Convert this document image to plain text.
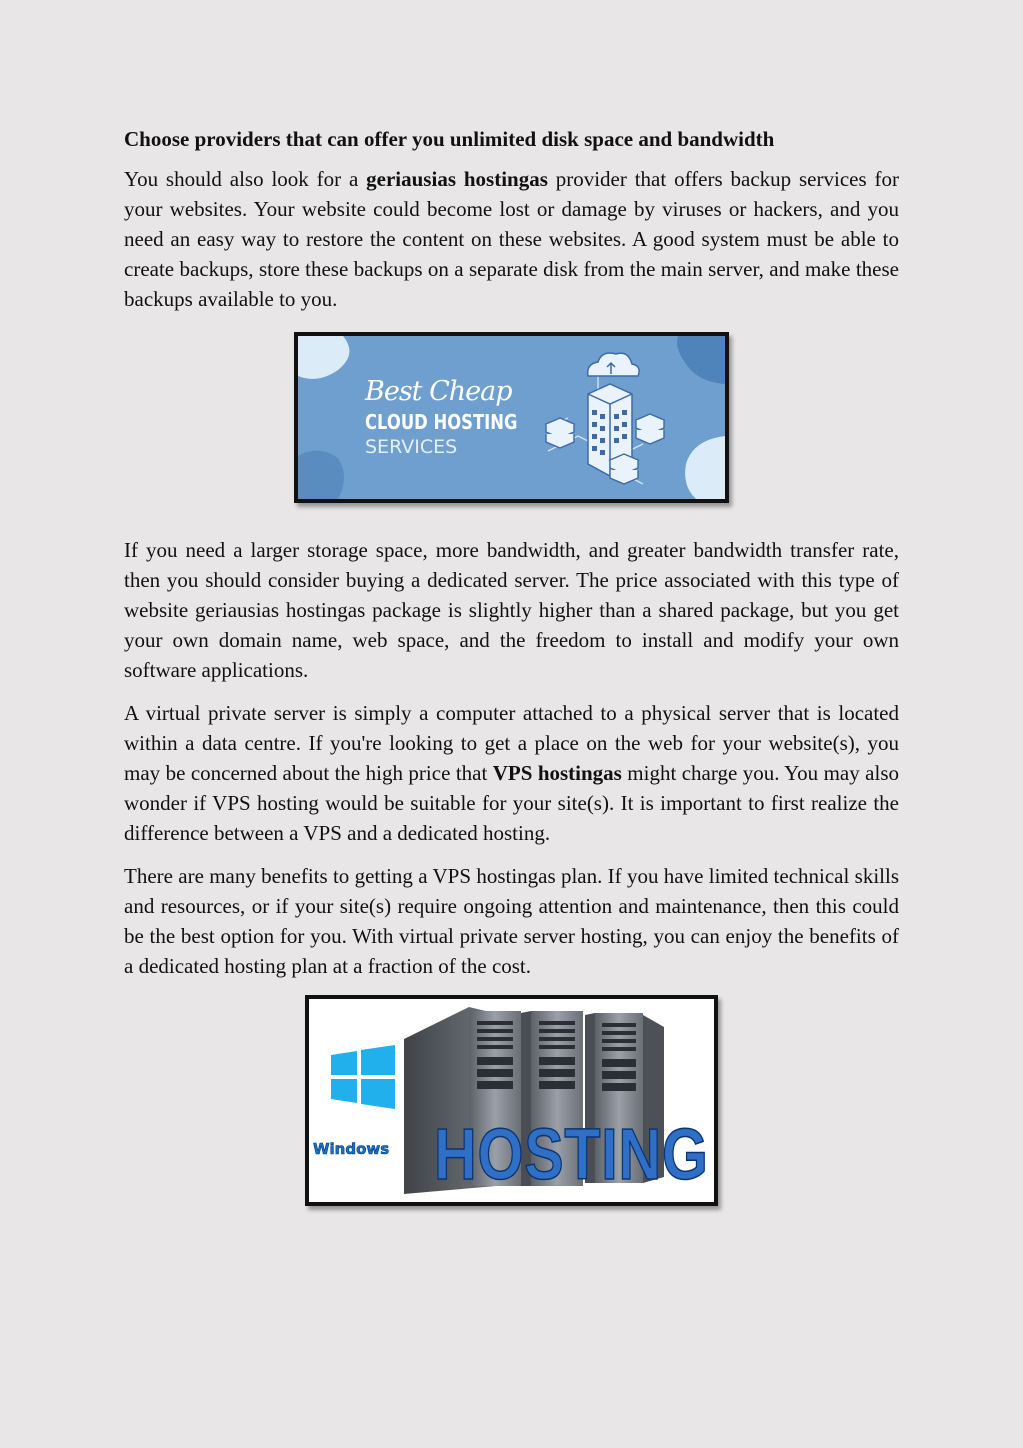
Choose providers that can offer you unlimited disk space and bandwidth

You should also look for a geriausias hostingas provider that offers backup services for your websites. Your website could become lost or damage by viruses or hackers, and you need an easy way to restore the content on these websites. A good system must be able to create backups, store these backups on a separate disk from the main server, and make these backups available to you.

Best Cheap
CLOUD HOSTING
SERVICES

If you need a larger storage space, more bandwidth, and greater bandwidth transfer rate, then you should consider buying a dedicated server. The price associated with this type of website geriausias hostingas package is slightly higher than a shared package, but you get your own domain name, web space, and the freedom to install and modify your own software applications.

A virtual private server is simply a computer attached to a physical server that is located within a data centre. If you're looking to get a place on the web for your website(s), you may be concerned about the high price that VPS hostingas might charge you. You may also wonder if VPS hosting would be suitable for your site(s). It is important to first realize the difference between a VPS and a dedicated hosting.

There are many benefits to getting a VPS hostingas plan. If you have limited technical skills and resources, or if your site(s) require ongoing attention and maintenance, then this could be the best option for you. With virtual private server hosting, you can enjoy the benefits of a dedicated hosting plan at a fraction of the cost.

Windows HOSTING
